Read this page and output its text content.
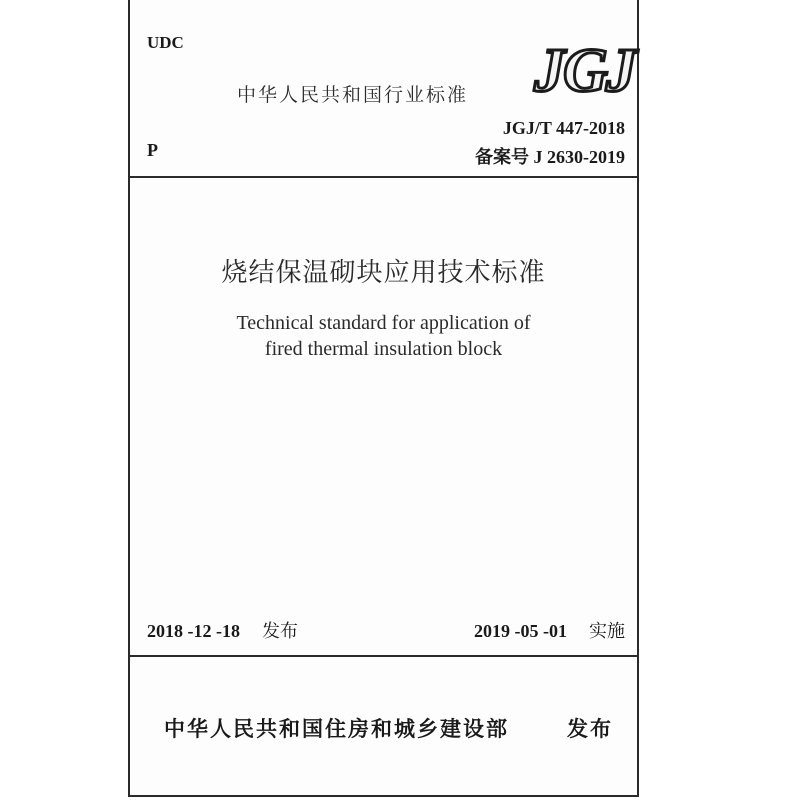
UDC
中华人民共和国行业标准 JGJ
JGJ/T 447-2018
P	备案号 J 2630-2019
烧结保温砌块应用技术标准
Technical standard for application of
fired thermal insulation block
2018 -12 -18 发布	2019 -05 -01 实施
中华人民共和国住房和城乡建设部	发布
